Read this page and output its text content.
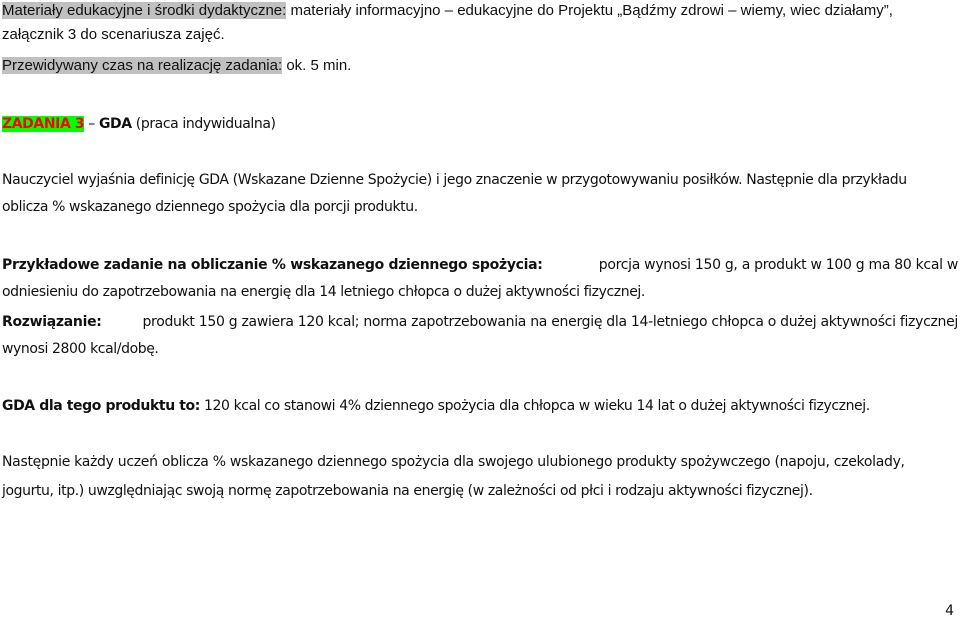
Materiały edukacyjne i środki dydaktyczne: materiały informacyjno – edukacyjne do Projektu „Bądźmy zdrowi – wiemy, wiec działamy”,
załącznik 3 do scenariusza zajęć.
Przewidywany czas na realizację zadania: ok. 5 min.
ZADANIA 3 – GDA (praca indywidualna)
Nauczyciel wyjaśnia definicję GDA (Wskazane Dzienne Spożycie) i jego znaczenie w przygotowywaniu posiłków. Następnie dla przykładu
oblicza % wskazanego dziennego spożycia dla porcji produktu.
Przykładowe zadanie na obliczanie % wskazanego dziennego spożycia:	porcja wynosi 150 g, a produkt w 100 g ma 80 kcal w
odniesieniu do zapotrzebowania na energię dla 14 letniego chłopca o dużej aktywności fizycznej.
Rozwiązanie:	produkt 150 g zawiera 120 kcal; norma zapotrzebowania na energię dla 14-letniego chłopca o dużej aktywności fizycznej
wynosi 2800 kcal/dobę.
GDA dla tego produktu to: 120 kcal co stanowi 4% dziennego spożycia dla chłopca w wieku 14 lat o dużej aktywności fizycznej.
Następnie każdy uczeń oblicza % wskazanego dziennego spożycia dla swojego ulubionego produkty spożywczego (napoju, czekolady,
jogurtu, itp.) uwzględniając swoją normę zapotrzebowania na energię (w zależności od płci i rodzaju aktywności fizycznej).
4
